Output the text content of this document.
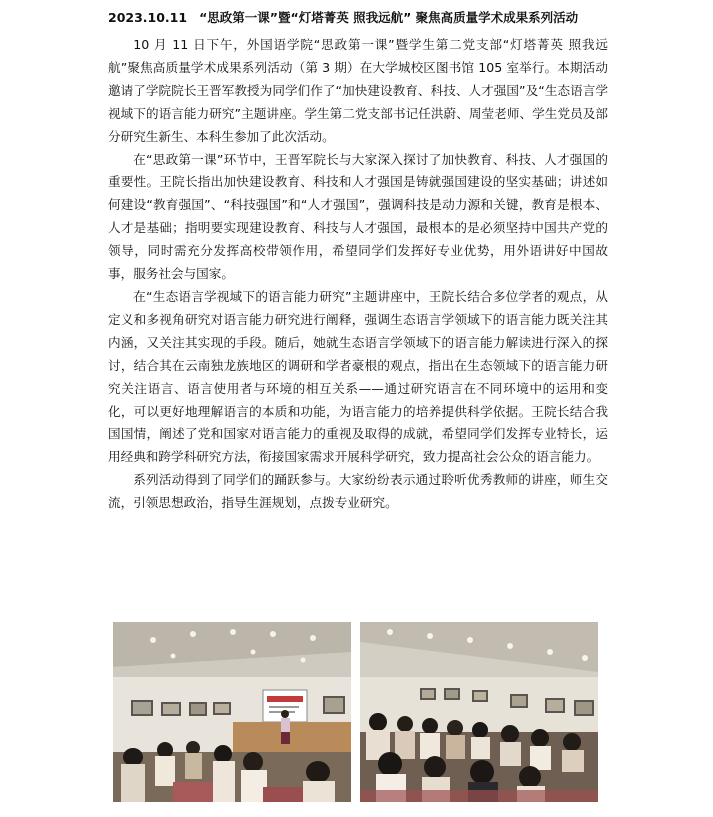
2023.10.11 “思政第一课”暨“灯塔菁英 照我远航” 聚焦高质量学术成果系列活动

10 月 11 日下午，外国语学院“思政第一课”暨学生第二党支部“灯塔菁英 照我远航”聚焦高质量学术成果系列活动（第 3 期）在大学城校区图书馆 105 室举行。本期活动邀请了学院院长王晋军教授为同学们作了“加快建设教育、科技、人才强国”及“生态语言学视域下的语言能力研究”主题讲座。学生第二党支部书记任洪蔚、周莹老师、学生党员及部分研究生新生、本科生参加了此次活动。

在“思政第一课”环节中，王晋军院长与大家深入探讨了加快教育、科技、人才强国的重要性。王院长指出加快建设教育、科技和人才强国是铸就强国建设的坚实基础；讲述如何建设“教育强国”、“科技强国”和“人才强国”，强调科技是动力源和关键，教育是根本、人才是基础；指明要实现建设教育、科技与人才强国，最根本的是必须坚持中国共产党的领导，同时需充分发挥高校带领作用，希望同学们发挥好专业优势，用外语讲好中国故事，服务社会与国家。

在“生态语言学视域下的语言能力研究”主题讲座中，王院长结合多位学者的观点，从定义和多视角研究对语言能力研究进行阐释，强调生态语言学领域下的语言能力既关注其内涵，又关注其实现的手段。随后，她就生态语言学领域下的语言能力解读进行深入的探讨，结合其在云南独龙族地区的调研和学者豪根的观点，指出在生态领域下的语言能力研究关注语言、语言使用者与环境的相互关系——通过研究语言在不同环境中的运用和变化，可以更好地理解语言的本质和功能，为语言能力的培养提供科学依据。王院长结合我国国情，阐述了党和国家对语言能力的重视及取得的成就，希望同学们发挥专业特长，运用经典和跨学科研究方法，衔接国家需求开展科学研究，致力提高社会公众的语言能力。

系列活动得到了同学们的踊跃参与。大家纷纷表示通过聆听优秀教师的讲座，师生交流，引领思想政治，指导生涯规划，点拨专业研究。
